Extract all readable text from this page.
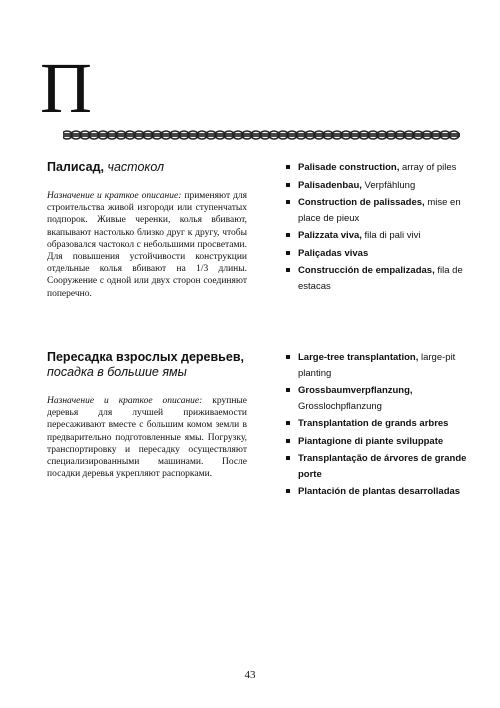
П
Палисад, частокол

Назначение и краткое описание: применяют для строительства живой изгороди или ступенчатых подпорок. Живые черенки, колья вбивают, вкапывают настолько близко друг к другу, чтобы образовался частокол с небольшими просветами. Для повышения устойчивости конструкции отдельные колья вбивают на 1/3 длины. Сооружение с одной или двух сторон соединяют поперечно.

Palisade construction, array of piles
Palisadenbau, Verpfählung
Construction de palissades, mise en place de pieux
Palizzata viva, fila di pali vivi
Paliçadas vivas
Construcción de empalizadas, fila de estacas
Пересадка взрослых деревьев,
посадка в большие ямы

Назначение и краткое описание: крупные деревья для лучшей приживаемости пересаживают вместе с большим комом земли в предварительно подготовленные ямы. Погрузку, транспортировку и пересадку осуществляют специализированными машинами. После посадки деревья укрепляют распорками.

Large-tree transplantation, large-pit planting
Grossbaumverpflanzung, Grosslochpflanzung
Transplantation de grands arbres
Piantagione di piante sviluppate
Transplantação de árvores de grande porte
Plantación de plantas desarrolladas
43
